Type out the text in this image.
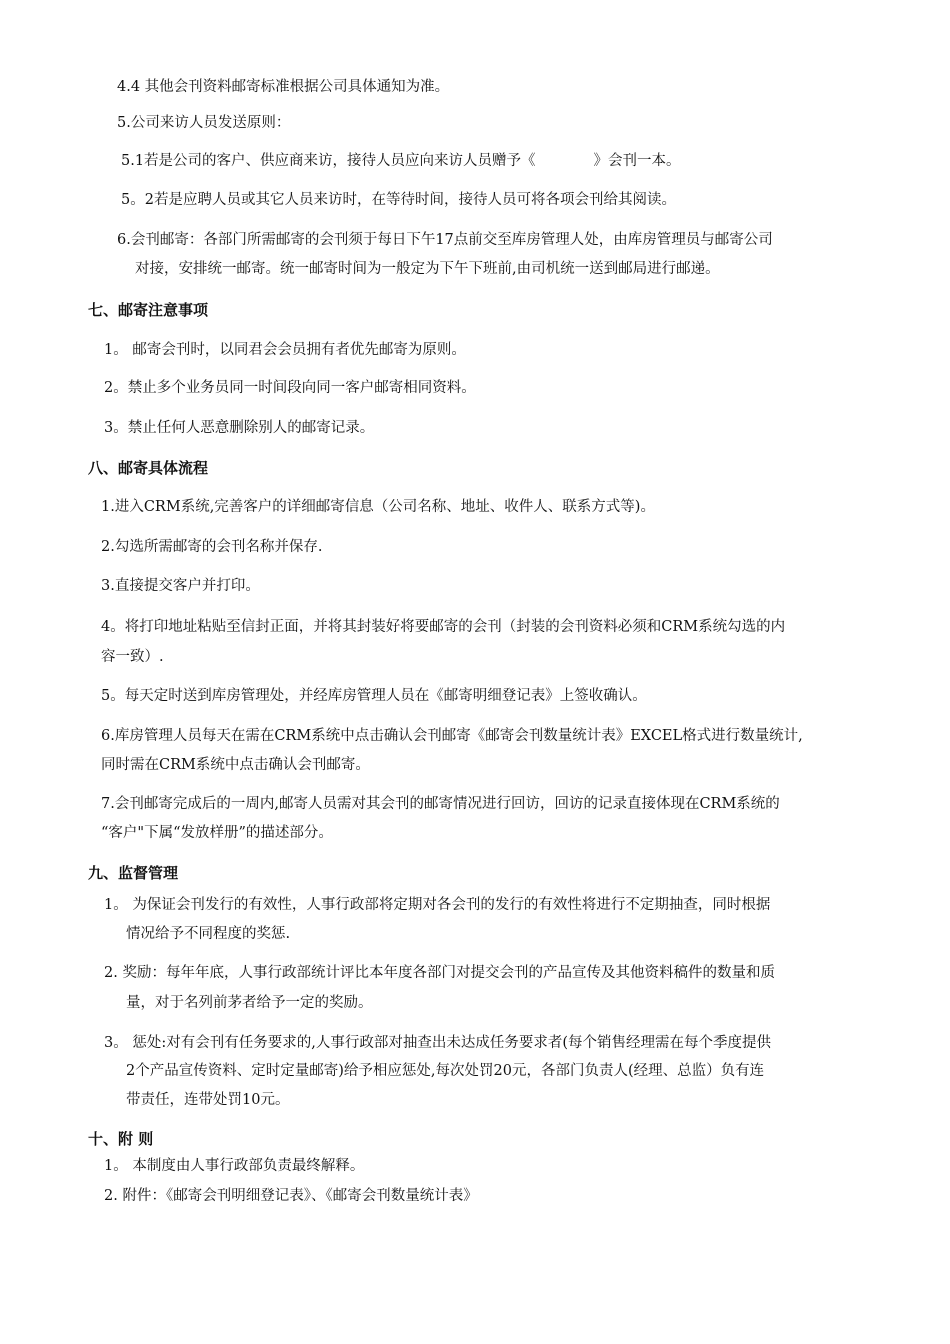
4.4 其他会刊资料邮寄标准根据公司具体通知为准。
5.公司来访人员发送原则：
5.1若是公司的客户、供应商来访，接待人员应向来访人员赠予《　　　　》会刊一本。
5。2若是应聘人员或其它人员来访时，在等待时间，接待人员可将各项会刊给其阅读。
6.会刊邮寄：各部门所需邮寄的会刊须于每日下午17点前交至库房管理人处，由库房管理员与邮寄公司
对接，安排统一邮寄。统一邮寄时间为一般定为下午下班前,由司机统一送到邮局进行邮递。
七、邮寄注意事项
1。 邮寄会刊时，以同君会会员拥有者优先邮寄为原则。
2。禁止多个业务员同一时间段向同一客户邮寄相同资料。
3。禁止任何人恶意删除别人的邮寄记录。
八、邮寄具体流程
1.进入CRM系统,完善客户的详细邮寄信息（公司名称、地址、收件人、联系方式等)。
2.勾选所需邮寄的会刊名称并保存.
3.直接提交客户并打印。
4。将打印地址粘贴至信封正面，并将其封装好将要邮寄的会刊（封装的会刊资料必须和CRM系统勾选的内
容一致）.
5。每天定时送到库房管理处，并经库房管理人员在《邮寄明细登记表》上签收确认。
6.库房管理人员每天在需在CRM系统中点击确认会刊邮寄《邮寄会刊数量统计表》EXCEL格式进行数量统计,
同时需在CRM系统中点击确认会刊邮寄。
7.会刊邮寄完成后的一周内,邮寄人员需对其会刊的邮寄情况进行回访，回访的记录直接体现在CRM系统的
“客户"下属“发放样册”的描述部分。
九、监督管理
1。 为保证会刊发行的有效性，人事行政部将定期对各会刊的发行的有效性将进行不定期抽查，同时根据
情况给予不同程度的奖惩.
2. 奖励：每年年底，人事行政部统计评比本年度各部门对提交会刊的产品宣传及其他资料稿件的数量和质
量，对于名列前茅者给予一定的奖励。
3。 惩处:对有会刊有任务要求的,人事行政部对抽查出未达成任务要求者(每个销售经理需在每个季度提供
2个产品宣传资料、定时定量邮寄)给予相应惩处,每次处罚20元，各部门负责人(经理、总监）负有连
带责任，连带处罚10元。
十、附 则
1。 本制度由人事行政部负责最终解释。
2. 附件：《邮寄会刊明细登记表》、《邮寄会刊数量统计表》
